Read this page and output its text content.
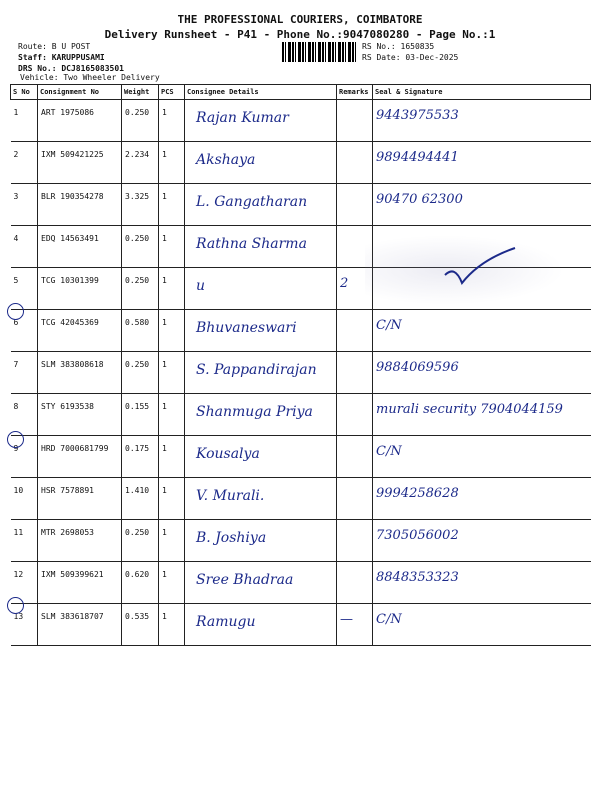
THE PROFESSIONAL COURIERS, COIMBATORE
Delivery Runsheet - P41 - Phone No.:9047080280 - Page No.:1
Route: B U POST
Staff: KARUPPUSAMI
DRS No.: DCJ8165083501
Vehicle: Two Wheeler Delivery
RS No.: 1650835
RS Date: 03-Dec-2025
S No	Consignment No	Weight	PCS	Consignee Details	Remarks	Seal & Signature
1	ART 1975086	0.250	1	Rajan Kumar		9443975533

2	IXM 509421225	2.234	1	Akshaya		9894494441

3	BLR 190354278	3.325	1	L. Gangatharan		90470 62300

4	EDQ 14563491	0.250	1	Rathna Sharma		

5	TCG 10301399	0.250	1	u	2	

6	TCG 42045369	0.580	1	Bhuvaneswari		C/N

7	SLM 383808618	0.250	1	S. Pappandirajan		9884069596

8	STY 6193538	0.155	1	Shanmuga Priya		murali security 7904044159

9	HRD 7000681799	0.175	1	Kousalya		C/N

10	HSR 7578891	1.410	1	V. Murali.		9994258628

11	MTR 2698053	0.250	1	B. Joshiya		7305056002

12	IXM 509399621	0.620	1	Sree Bhadraa		8848353323

13	SLM 383618707	0.535	1	Ramugu	—	C/N
